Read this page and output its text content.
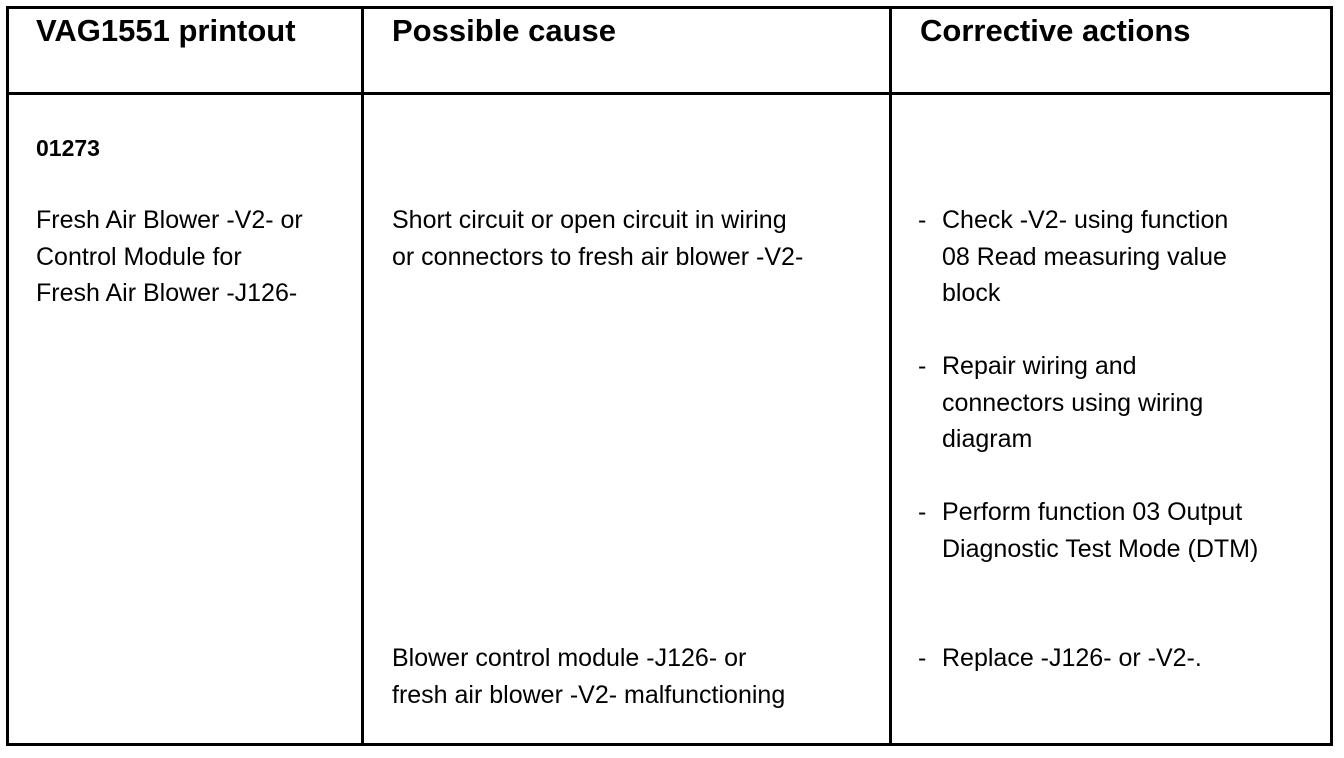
VAG1551 printout	Possible cause	Corrective actions
01273
Fresh Air Blower -V2- or
Control Module for
Fresh Air Blower -J126-
Short circuit or open circuit in wiring
or connectors to fresh air blower -V2-
Blower control module -J126- or
fresh air blower -V2- malfunctioning
- Check -V2- using function
08 Read measuring value
block
- Repair wiring and
connectors using wiring
diagram
- Perform function 03 Output
Diagnostic Test Mode (DTM)
- Replace -J126- or -V2-.
